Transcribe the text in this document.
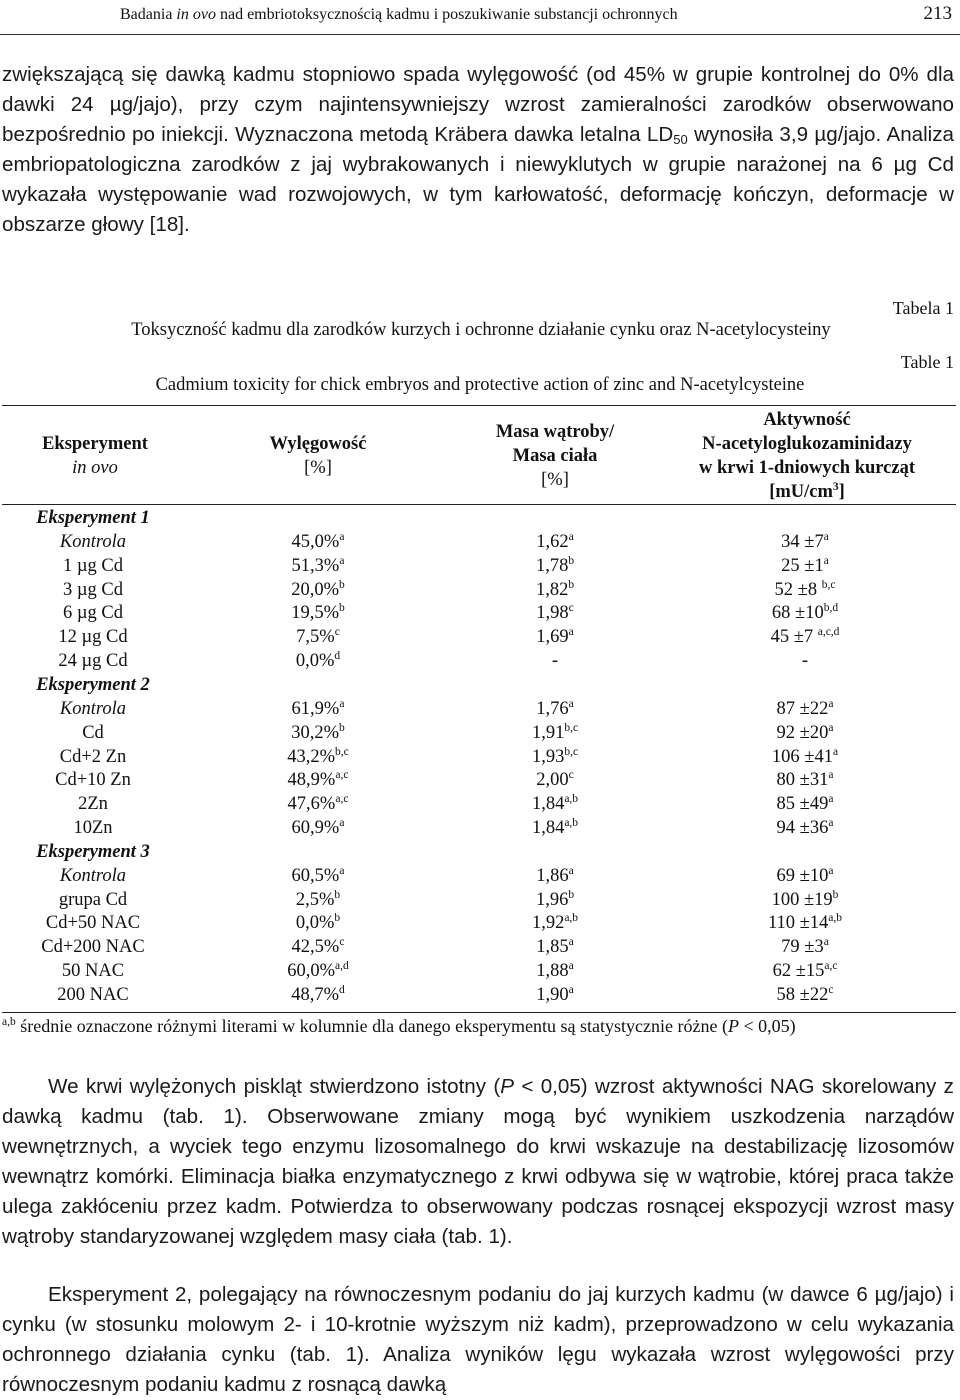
Badania in ovo nad embriotoksycznością kadmu i poszukiwanie substancji ochronnych	213
zwiększającą się dawką kadmu stopniowo spada wylęgowość (od 45% w grupie kontrolnej do 0% dla dawki 24 µg/jajo), przy czym najintensywniejszy wzrost zamieralności zarodków obserwowano bezpośrednio po iniekcji. Wyznaczona metodą Kräbera dawka letalna $LD_{50}$ wynosiła 3,9 µg/jajo. Analiza embriopatologiczna zarodków z jaj wybrakowanych i niewyklutych w grupie narażonej na 6 µg Cd wykazała występowanie wad rozwojowych, w tym karłowatość, deformację kończyn, deformacje w obszarze głowy [18].
Tabela 1
Toksyczność kadmu dla zarodków kurzych i ochronne działanie cynku oraz N-acetylocysteiny
Table 1
Cadmium toxicity for chick embryos and protective action of zinc and N-acetylcysteine
Eksperyment
in ovo
Wylęgowość
[%]
Masa wątroby/
Masa ciała
[%]
Aktywność
N-acetyloglukozaminidazy
w krwi 1-dniowych kurcząt
$[mU/cm^3]$
Eksperyment 1
Kontrola	45,0%$^a$	1,62$^a$	$34 \pm 7^a$
1 µg Cd	51,3%$^a$	1,78$^b$	$25 \pm 1^a$
3 µg Cd	20,0%$^b$	1,82$^b$	52 ±8 $^{b,c}$
6 µg Cd	19,5%$^b$	1,98$^c$	$68 \pm 10^{b,d}$
12 µg Cd	7,5%$^c$	1,69$^a$	45 ±7 $^{a,c,d}$
24 µg Cd	0,0%$^d$	-	-
Eksperyment 2
Kontrola	61,9%$^a$	1,76$^a$	$87 \pm 22^a$
Cd	30,2%$^b$	1,91$^{b,c}$	$92 \pm 20^a$
Cd+2 Zn	43,2%$^{b,c}$	1,93$^{b,c}$	$106 \pm 41^a$
Cd+10 Zn	48,9%$^{a,c}$	2,00$^c$	$80 \pm 31^a$
2Zn	47,6%$^{a,c}$	1,84$^{a,b}$	$85 \pm 49^a$
10Zn	60,9%$^a$	1,84$^{a,b}$	$94 \pm 36^a$
Eksperyment 3
Kontrola	60,5%$^a$	1,86$^a$	$69 \pm 10^a$
grupa Cd	2,5%$^b$	1,96$^b$	$100 \pm 19^b$
Cd+50 NAC	0,0%$^b$	1,92$^{a,b}$	$110 \pm 14^{a,b}$
Cd+200 NAC	42,5%$^c$	1,85$^a$	$79 \pm 3^a$
50 NAC	60,0%$^{a,d}$	1,88$^a$	$62 \pm 15^{a,c}$
200 NAC	48,7%$^d$	1,90$^a$	$58 \pm 22^c$
$^{a,b}$ średnie oznaczone różnymi literami w kolumnie dla danego eksperymentu są statystycznie różne (P < 0,05)
We krwi wylężonych piskląt stwierdzono istotny (P < 0,05) wzrost aktywności NAG skorelowany z dawką kadmu (tab. 1). Obserwowane zmiany mogą być wynikiem uszkodzenia narządów wewnętrznych, a wyciek tego enzymu lizosomalnego do krwi wskazuje na destabilizację lizosomów wewnątrz komórki. Eliminacja białka enzymatycznego z krwi odbywa się w wątrobie, której praca także ulega zakłóceniu przez kadm. Potwierdza to obserwowany podczas rosnącej ekspozycji wzrost masy wątroby standaryzowanej względem masy ciała (tab. 1).
Eksperyment 2, polegający na równoczesnym podaniu do jaj kurzych kadmu (w dawce 6 µg/jajo) i cynku (w stosunku molowym 2- i 10-krotnie wyższym niż kadm), przeprowadzono w celu wykazania ochronnego działania cynku (tab. 1). Analiza wyników lęgu wykazała wzrost wylęgowości przy równoczesnym podaniu kadmu z rosnącą dawką
